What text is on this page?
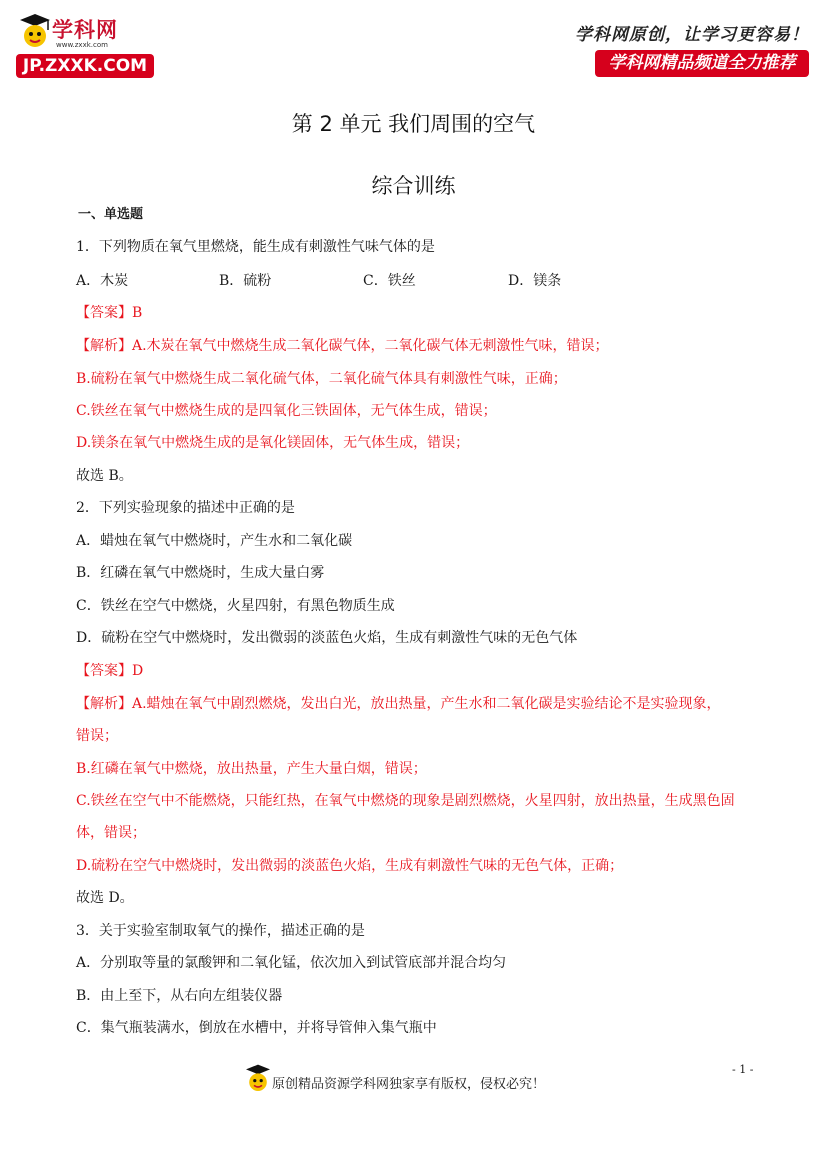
学科网
www.zxxk.com
JP.ZXXK.COM
学科网原创，让学习更容易！
学科网精品频道全力推荐
第 2 单元 我们周围的空气
综合训练
一、单选题
1．下列物质在氧气里燃烧，能生成有刺激性气味气体的是
A．木炭	B．硫粉	C．铁丝	D．镁条
【答案】B
【解析】A.木炭在氧气中燃烧生成二氧化碳气体，二氧化碳气体无刺激性气味，错误；
B.硫粉在氧气中燃烧生成二氧化硫气体，二氧化硫气体具有刺激性气味，正确；
C.铁丝在氧气中燃烧生成的是四氧化三铁固体，无气体生成，错误；
D.镁条在氧气中燃烧生成的是氧化镁固体，无气体生成，错误；
故选 B。
2．下列实验现象的描述中正确的是
A．蜡烛在氧气中燃烧时，产生水和二氧化碳
B．红磷在氧气中燃烧时，生成大量白雾
C．铁丝在空气中燃烧，火星四射，有黑色物质生成
D．硫粉在空气中燃烧时，发出微弱的淡蓝色火焰，生成有刺激性气味的无色气体
【答案】D
【解析】A.蜡烛在氧气中剧烈燃烧，发出白光，放出热量，产生水和二氧化碳是实验结论不是实验现象，
错误；
B.红磷在氧气中燃烧，放出热量，产生大量白烟，错误；
C.铁丝在空气中不能燃烧，只能红热，在氧气中燃烧的现象是剧烈燃烧，火星四射，放出热量，生成黑色固
体，错误；
D.硫粉在空气中燃烧时，发出微弱的淡蓝色火焰，生成有刺激性气味的无色气体，正确；
故选 D。
3．关于实验室制取氧气的操作，描述正确的是
A．分别取等量的氯酸钾和二氧化锰，依次加入到试管底部并混合均匀
B．由上至下，从右向左组装仪器
C．集气瓶装满水，倒放在水槽中，并将导管伸入集气瓶中
原创精品资源学科网独家享有版权，侵权必究！
- 1 -
